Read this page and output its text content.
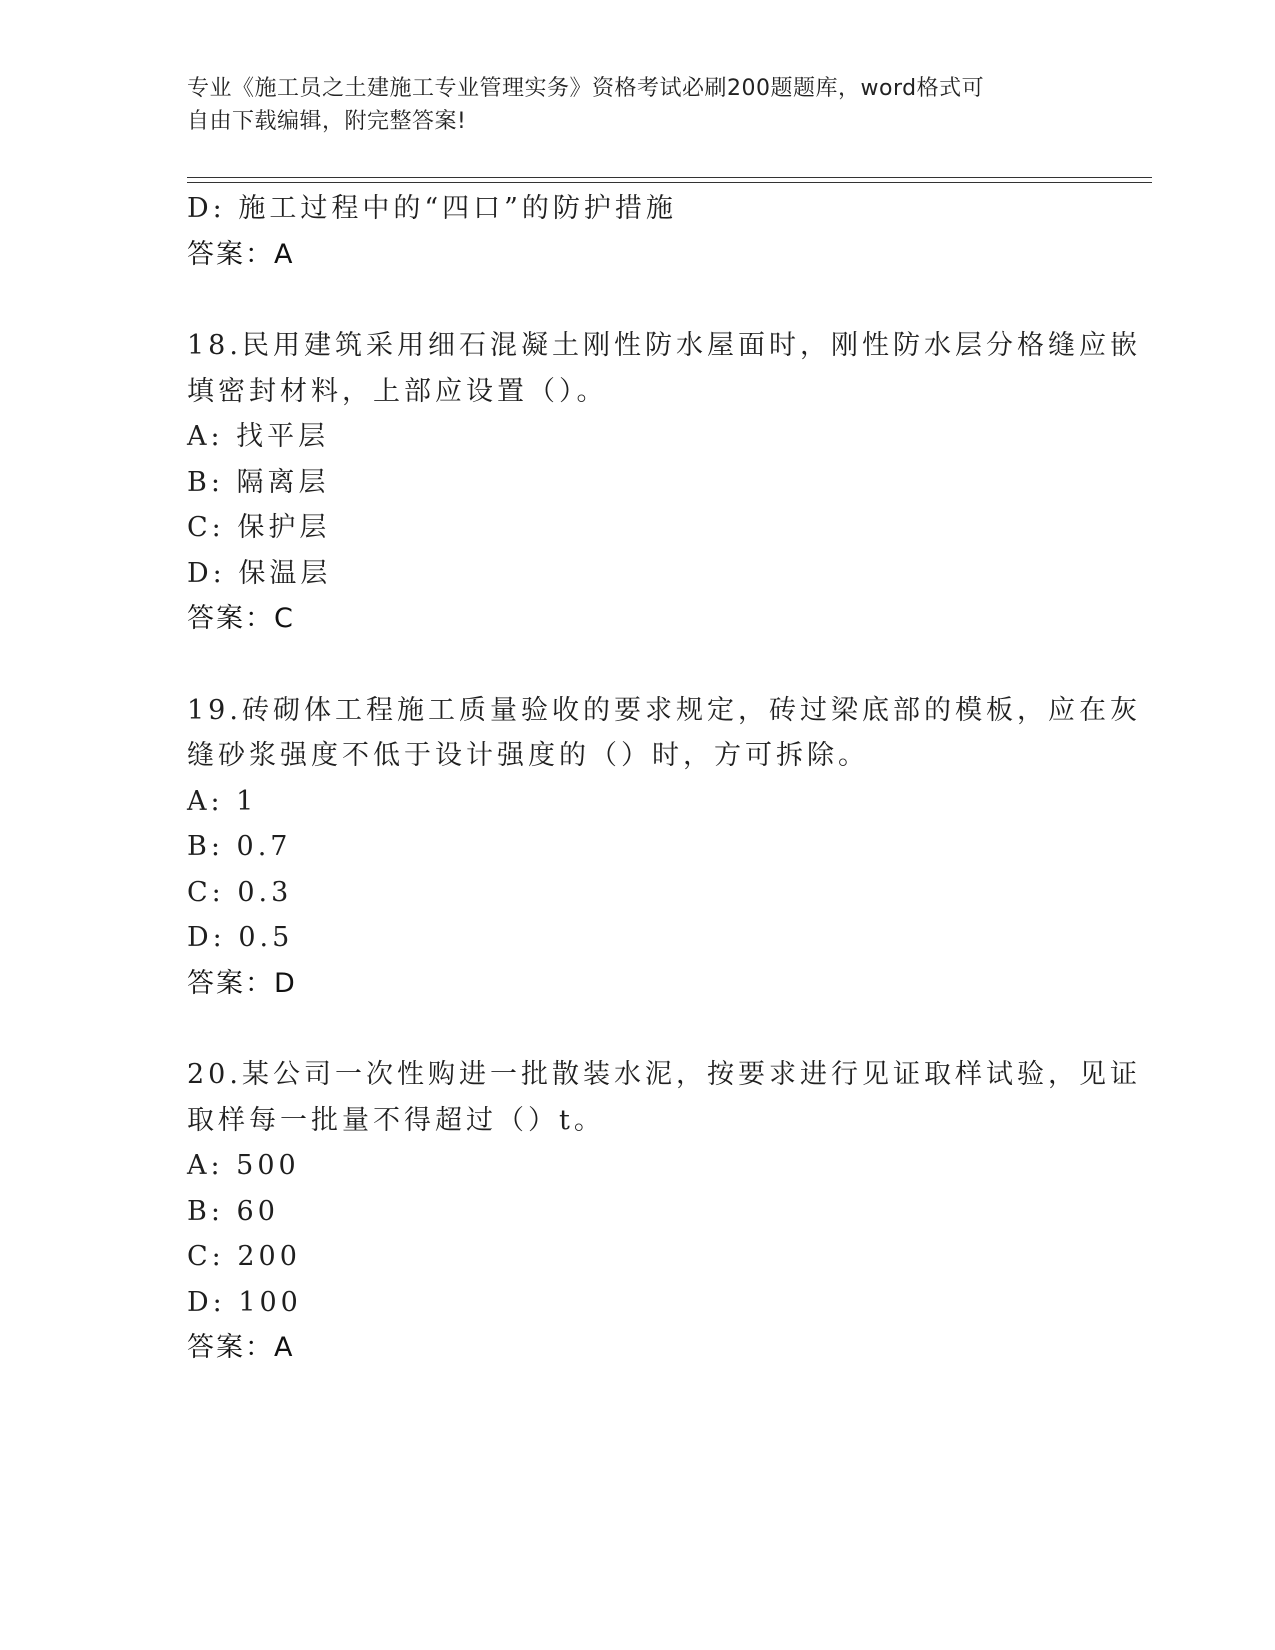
专业《施工员之土建施工专业管理实务》资格考试必刷200题题库，word格式可
自由下载编辑，附完整答案!
D: 施工过程中的“四口”的防护措施
答案：A
18.民用建筑采用细石混凝土刚性防水屋面时，刚性防水层分格缝应嵌
填密封材料，上部应设置（）。
A: 找平层
B: 隔离层
C: 保护层
D: 保温层
答案：C
19.砖砌体工程施工质量验收的要求规定，砖过梁底部的模板，应在灰
缝砂浆强度不低于设计强度的（）时，方可拆除。
A: 1
B: 0.7
C: 0.3
D: 0.5
答案：D
20.某公司一次性购进一批散装水泥，按要求进行见证取样试验，见证
取样每一批量不得超过（）t。
A: 500
B: 60
C: 200
D: 100
答案：A
